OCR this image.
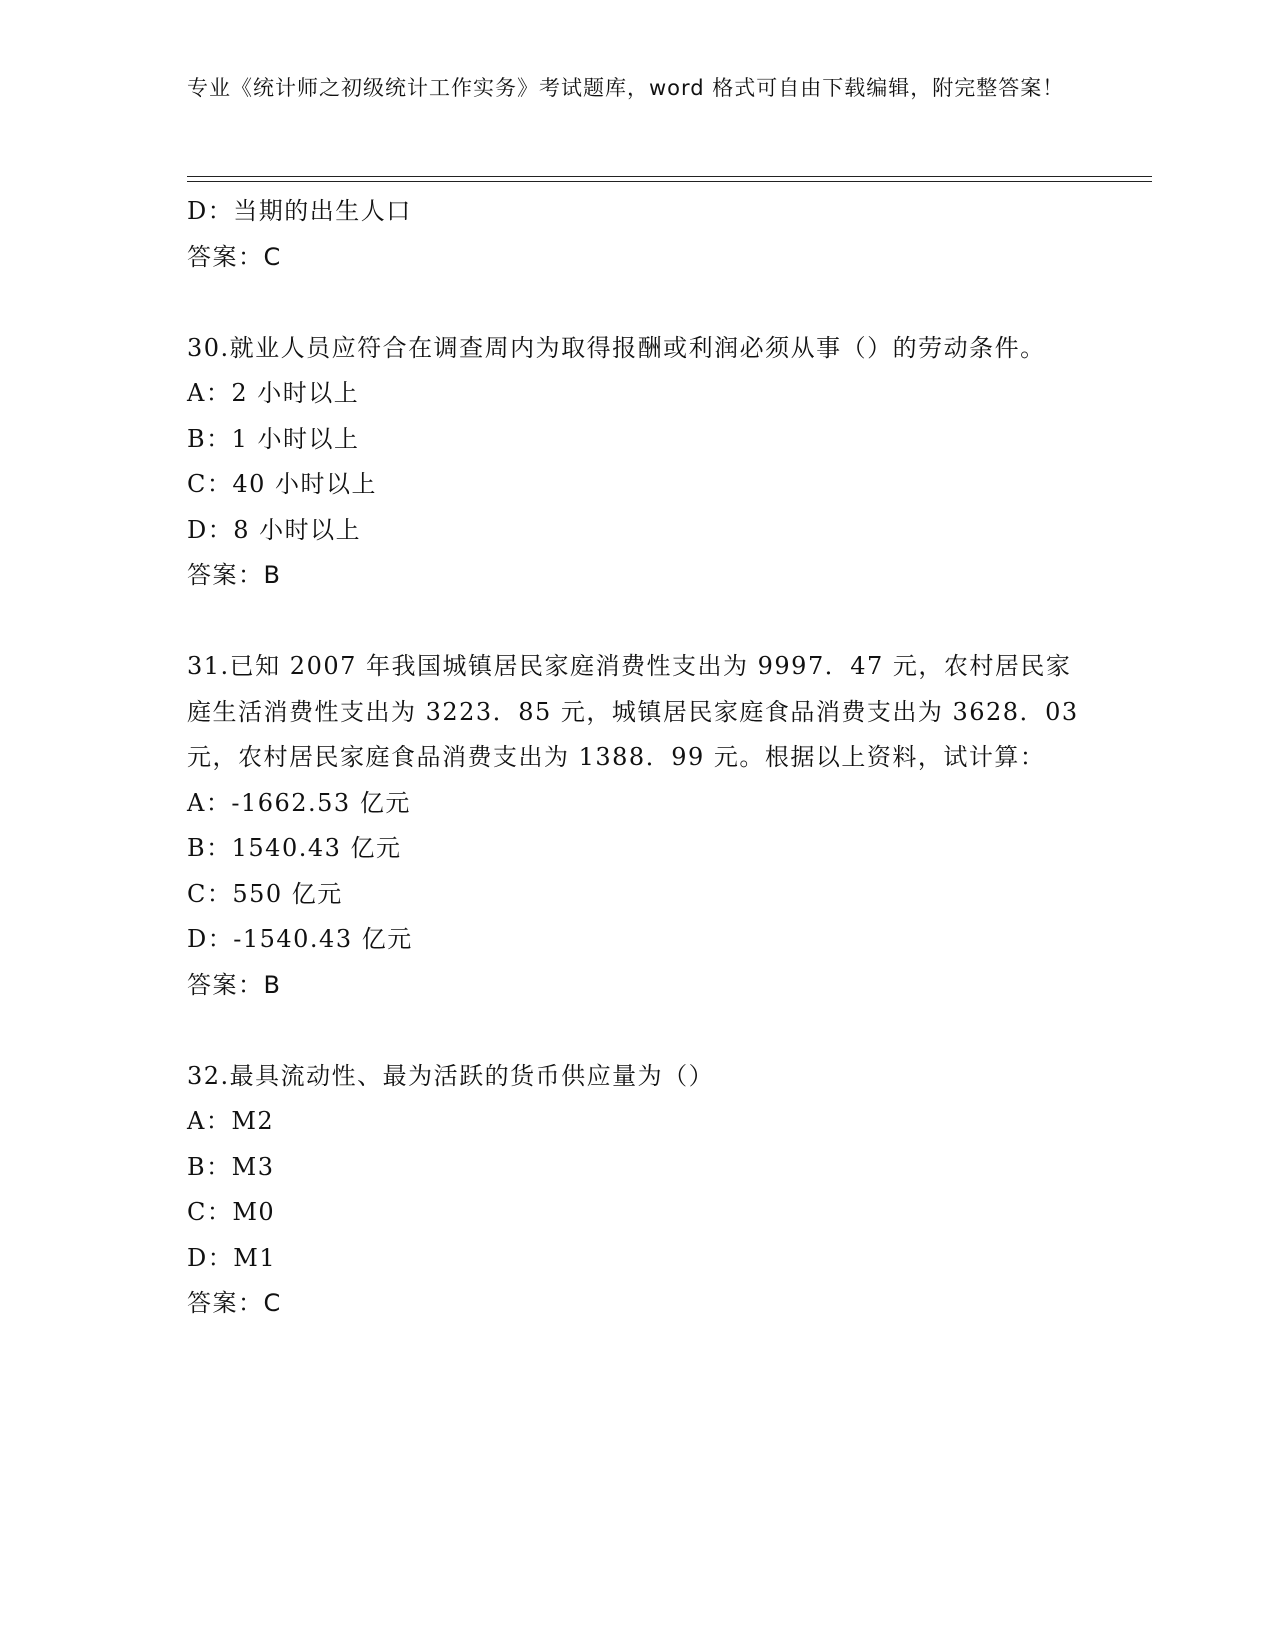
专业《统计师之初级统计工作实务》考试题库，word 格式可自由下载编辑，附完整答案！

D：当期的出生人口

答案：C

30.就业人员应符合在调查周内为取得报酬或利润必须从事（）的劳动条件。

A：2 小时以上

B：1 小时以上

C：40 小时以上

D：8 小时以上

答案：B

31.已知 2007 年我国城镇居民家庭消费性支出为 9997．47 元，农村居民家庭生活消费性支出为 3223．85 元，城镇居民家庭食品消费支出为 3628．03 元，农村居民家庭食品消费支出为 1388．99 元。根据以上资料，试计算：

A：-1662.53 亿元

B：1540.43 亿元

C：550 亿元

D：-1540.43 亿元

答案：B

32.最具流动性、最为活跃的货币供应量为（）

A：M2

B：M3

C：M0

D：M1

答案：C
